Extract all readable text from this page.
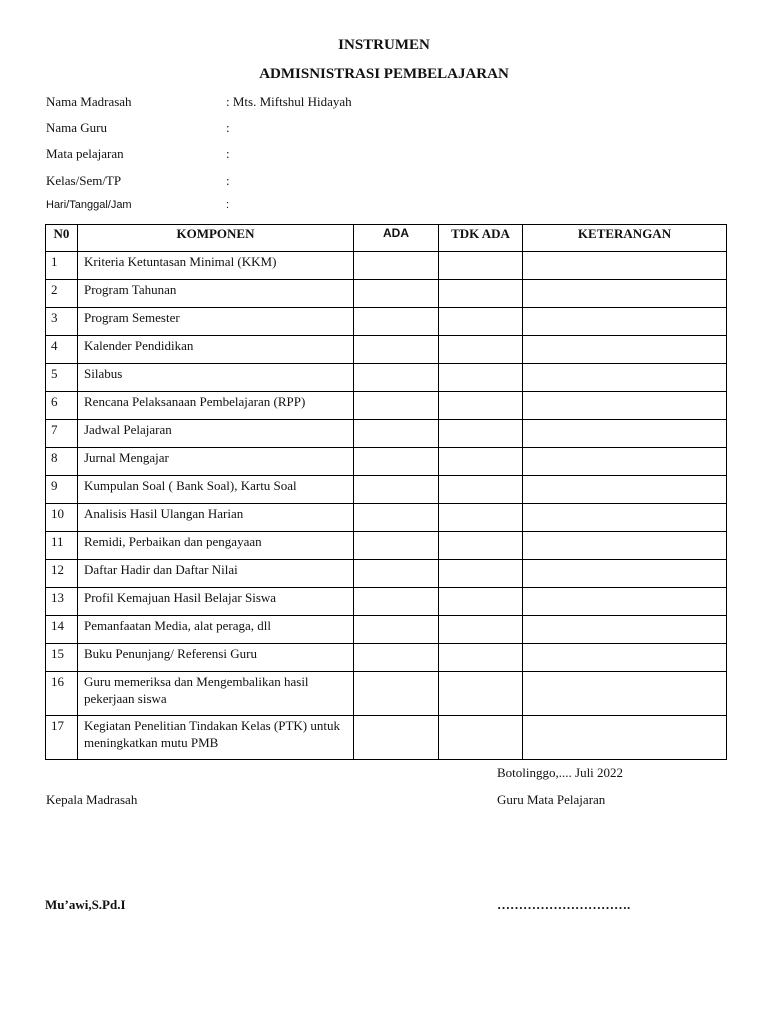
INSTRUMEN
ADMISNISTRASI PEMBELAJARAN
Nama Madrasah	: Mts. Miftshul Hidayah
Nama Guru	:
Mata pelajaran	:
Kelas/Sem/TP	:
Hari/Tanggal/Jam	:
N0	KOMPONEN	ADA	TDK ADA	KETERANGAN
1	Kriteria Ketuntasan Minimal (KKM)			
2	Program Tahunan			
3	Program Semester			
4	Kalender Pendidikan			
5	Silabus			
6	Rencana Pelaksanaan Pembelajaran (RPP)			
7	Jadwal Pelajaran			
8	Jurnal Mengajar			
9	Kumpulan Soal ( Bank Soal), Kartu Soal			
10	Analisis Hasil Ulangan Harian			
11	Remidi, Perbaikan dan pengayaan			
12	Daftar Hadir dan Daftar Nilai			
13	Profil Kemajuan Hasil Belajar Siswa			
14	Pemanfaatan Media, alat peraga, dll			
15	Buku Penunjang/ Referensi Guru			
16	Guru memeriksa dan Mengembalikan hasil pekerjaan siswa			
17	Kegiatan Penelitian Tindakan Kelas (PTK) untuk meningkatkan mutu PMB			
Botolinggo,.... Juli 2022
Kepala Madrasah	Guru Mata Pelajaran
Mu’awi,S.Pd.I	………………………….
